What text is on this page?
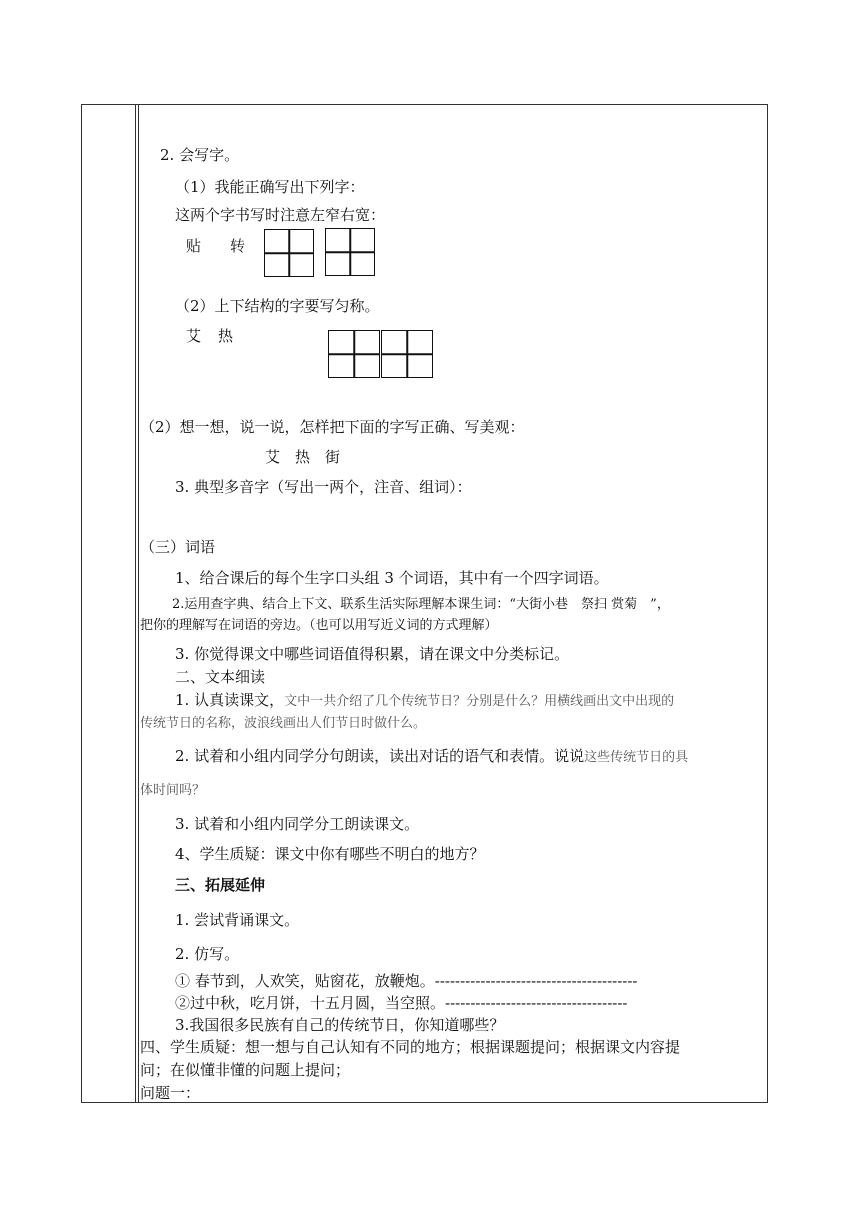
2. 会写字。
（1）我能正确写出下列字：
这两个字书写时注意左窄右宽：
贴 转
（2）上下结构的字要写匀称。
艾 热
（2）想一想，说一说，怎样把下面的字写正确、写美观：
艾　热　街
3. 典型多音字（写出一两个，注音、组词）：
（三）词语
1、给合课后的每个生字口头组 3 个词语，其中有一个四字词语。
2.运用查字典、结合上下文、联系生活实际理解本课生词：“大街小巷　祭扫 赏菊　”，
把你的理解写在词语的旁边。（也可以用写近义词的方式理解）
3. 你觉得课文中哪些词语值得积累，请在课文中分类标记。
二、文本细读
1. 认真读课文，文中一共介绍了几个传统节日？分别是什么？用横线画出文中出现的
传统节日的名称，波浪线画出人们节日时做什么。
2. 试着和小组内同学分句朗读，读出对话的语气和表情。说说这些传统节日的具
体时间吗？
3. 试着和小组内同学分工朗读课文。
4、学生质疑：课文中你有哪些不明白的地方？
三、拓展延伸
1. 尝试背诵课文。
2. 仿写。
① 春节到，人欢笑，贴窗花，放鞭炮。----------------------------------------
②过中秋，吃月饼，十五月圆，当空照。------------------------------------
3.我国很多民族有自己的传统节日，你知道哪些？
四、学生质疑：想一想与自己认知有不同的地方；根据课题提问；根据课文内容提
问；在似懂非懂的问题上提问；
问题一：
